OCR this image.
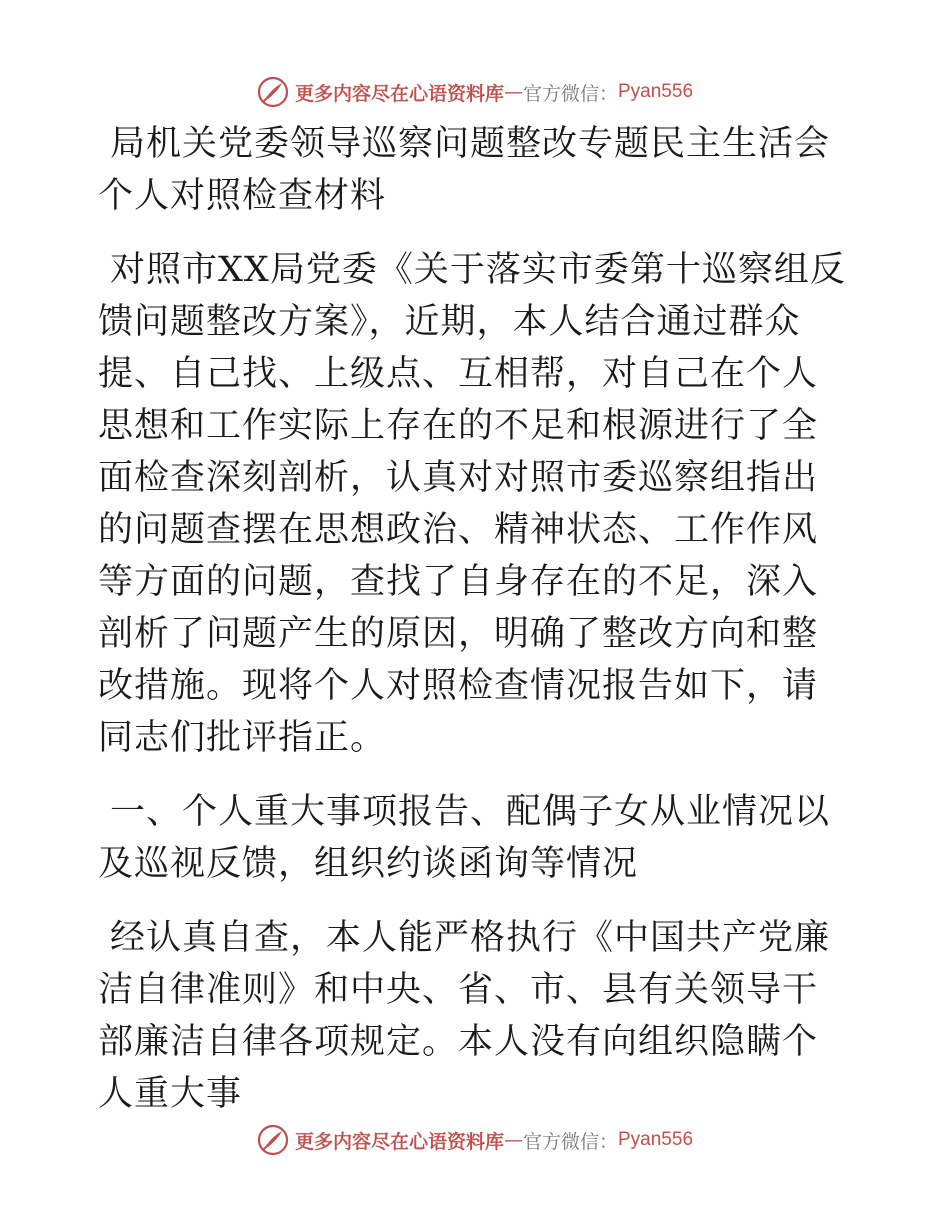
更多内容尽在心语资料库 — 官方微信： Pyan556

局机关党委领导巡察问题整改专题民主生活会个人对照检查材料

对照市XX局党委《关于落实市委第十巡察组反馈问题整改方案》，近期，本人结合通过群众提、自己找、上级点、互相帮，对自己在个人思想和工作实际上存在的不足和根源进行了全面检查深刻剖析，认真对对照市委巡察组指出的问题查摆在思想政治、精神状态、工作作风等方面的问题，查找了自身存在的不足，深入剖析了问题产生的原因，明确了整改方向和整改措施。现将个人对照检查情况报告如下，请同志们批评指正。

一、个人重大事项报告、配偶子女从业情况以及巡视反馈，组织约谈函询等情况

经认真自查，本人能严格执行《中国共产党廉洁自律准则》和中央、省、市、县有关领导干部廉洁自律各项规定。本人没有向组织隐瞒个人重大事

更多内容尽在心语资料库 — 官方微信： Pyan556
